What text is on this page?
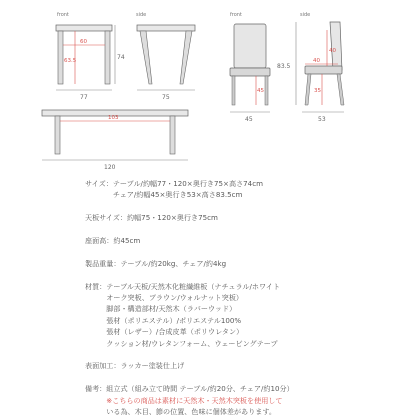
front
60
63.5	74
77
side
75
103
120
front
45
45
side
40
40
35
83.5
53
サイズ： テーブル/約幅77・120×奥行き75×高さ74cm
チェア/約幅45×奥行き53×高さ83.5cm
天板サイズ： 約幅75・120×奥行き75cm
座面高： 約45cm
製品重量： テーブル/約20kg、チェア/約4kg
材質： テーブル天板/天然木化粧繊維板（ナチュラル/ホワイト
オーク突板、ブラウン/ウォルナット突板）
脚部・構造部材/天然木（ラバーウッド）
張材（ポリエステル）/ポリエステル100%
張材（レザー）/合成皮革（ポリウレタン）
クッション材/ウレタンフォーム、ウェービングテープ
表面加工： ラッカー塗装仕上げ
備考： 組立式（組み立て時間 テーブル/約20分、チェア/約10分）
※こちらの商品は素材に天然木・天然木突板を使用して
いる為、木目、節の位置、色味に個体差があります。
